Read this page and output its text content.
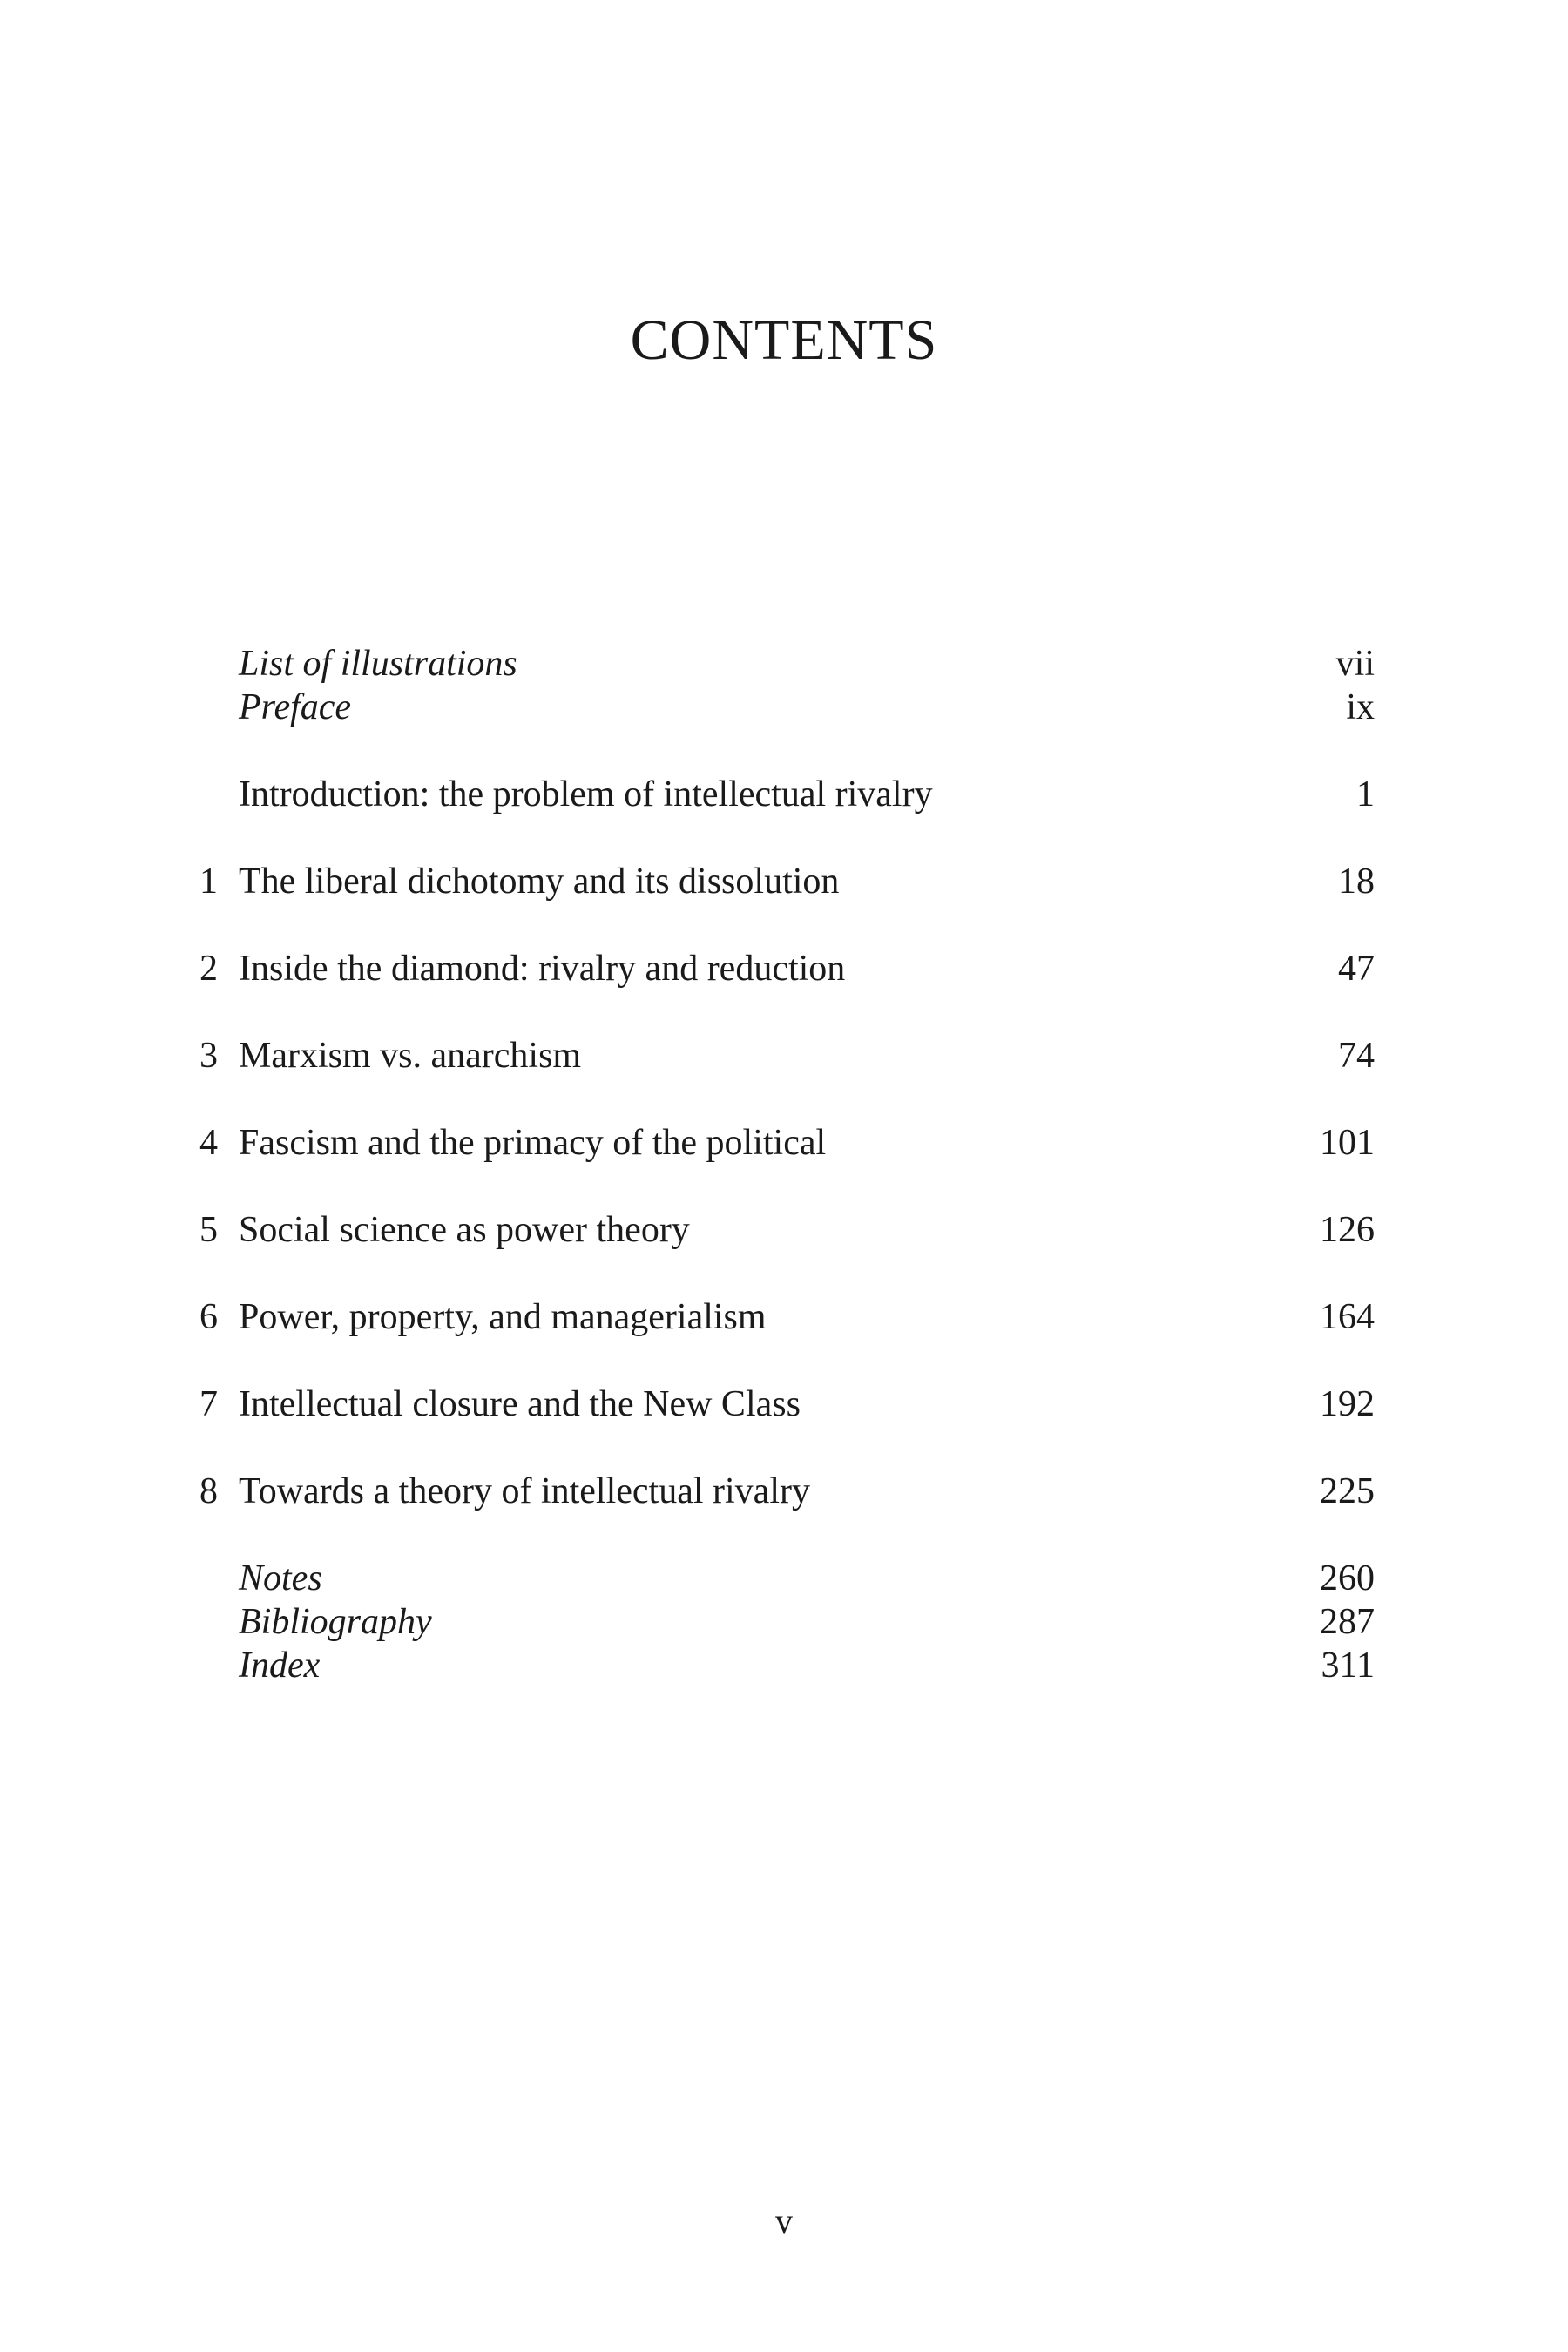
CONTENTS
List of illustrations	vii
Preface	ix
Introduction: the problem of intellectual rivalry	1
1 The liberal dichotomy and its dissolution	18
2 Inside the diamond: rivalry and reduction	47
3 Marxism vs. anarchism	74
4 Fascism and the primacy of the political	101
5 Social science as power theory	126
6 Power, property, and managerialism	164
7 Intellectual closure and the New Class	192
8 Towards a theory of intellectual rivalry	225
Notes	260
Bibliography	287
Index	311
v
